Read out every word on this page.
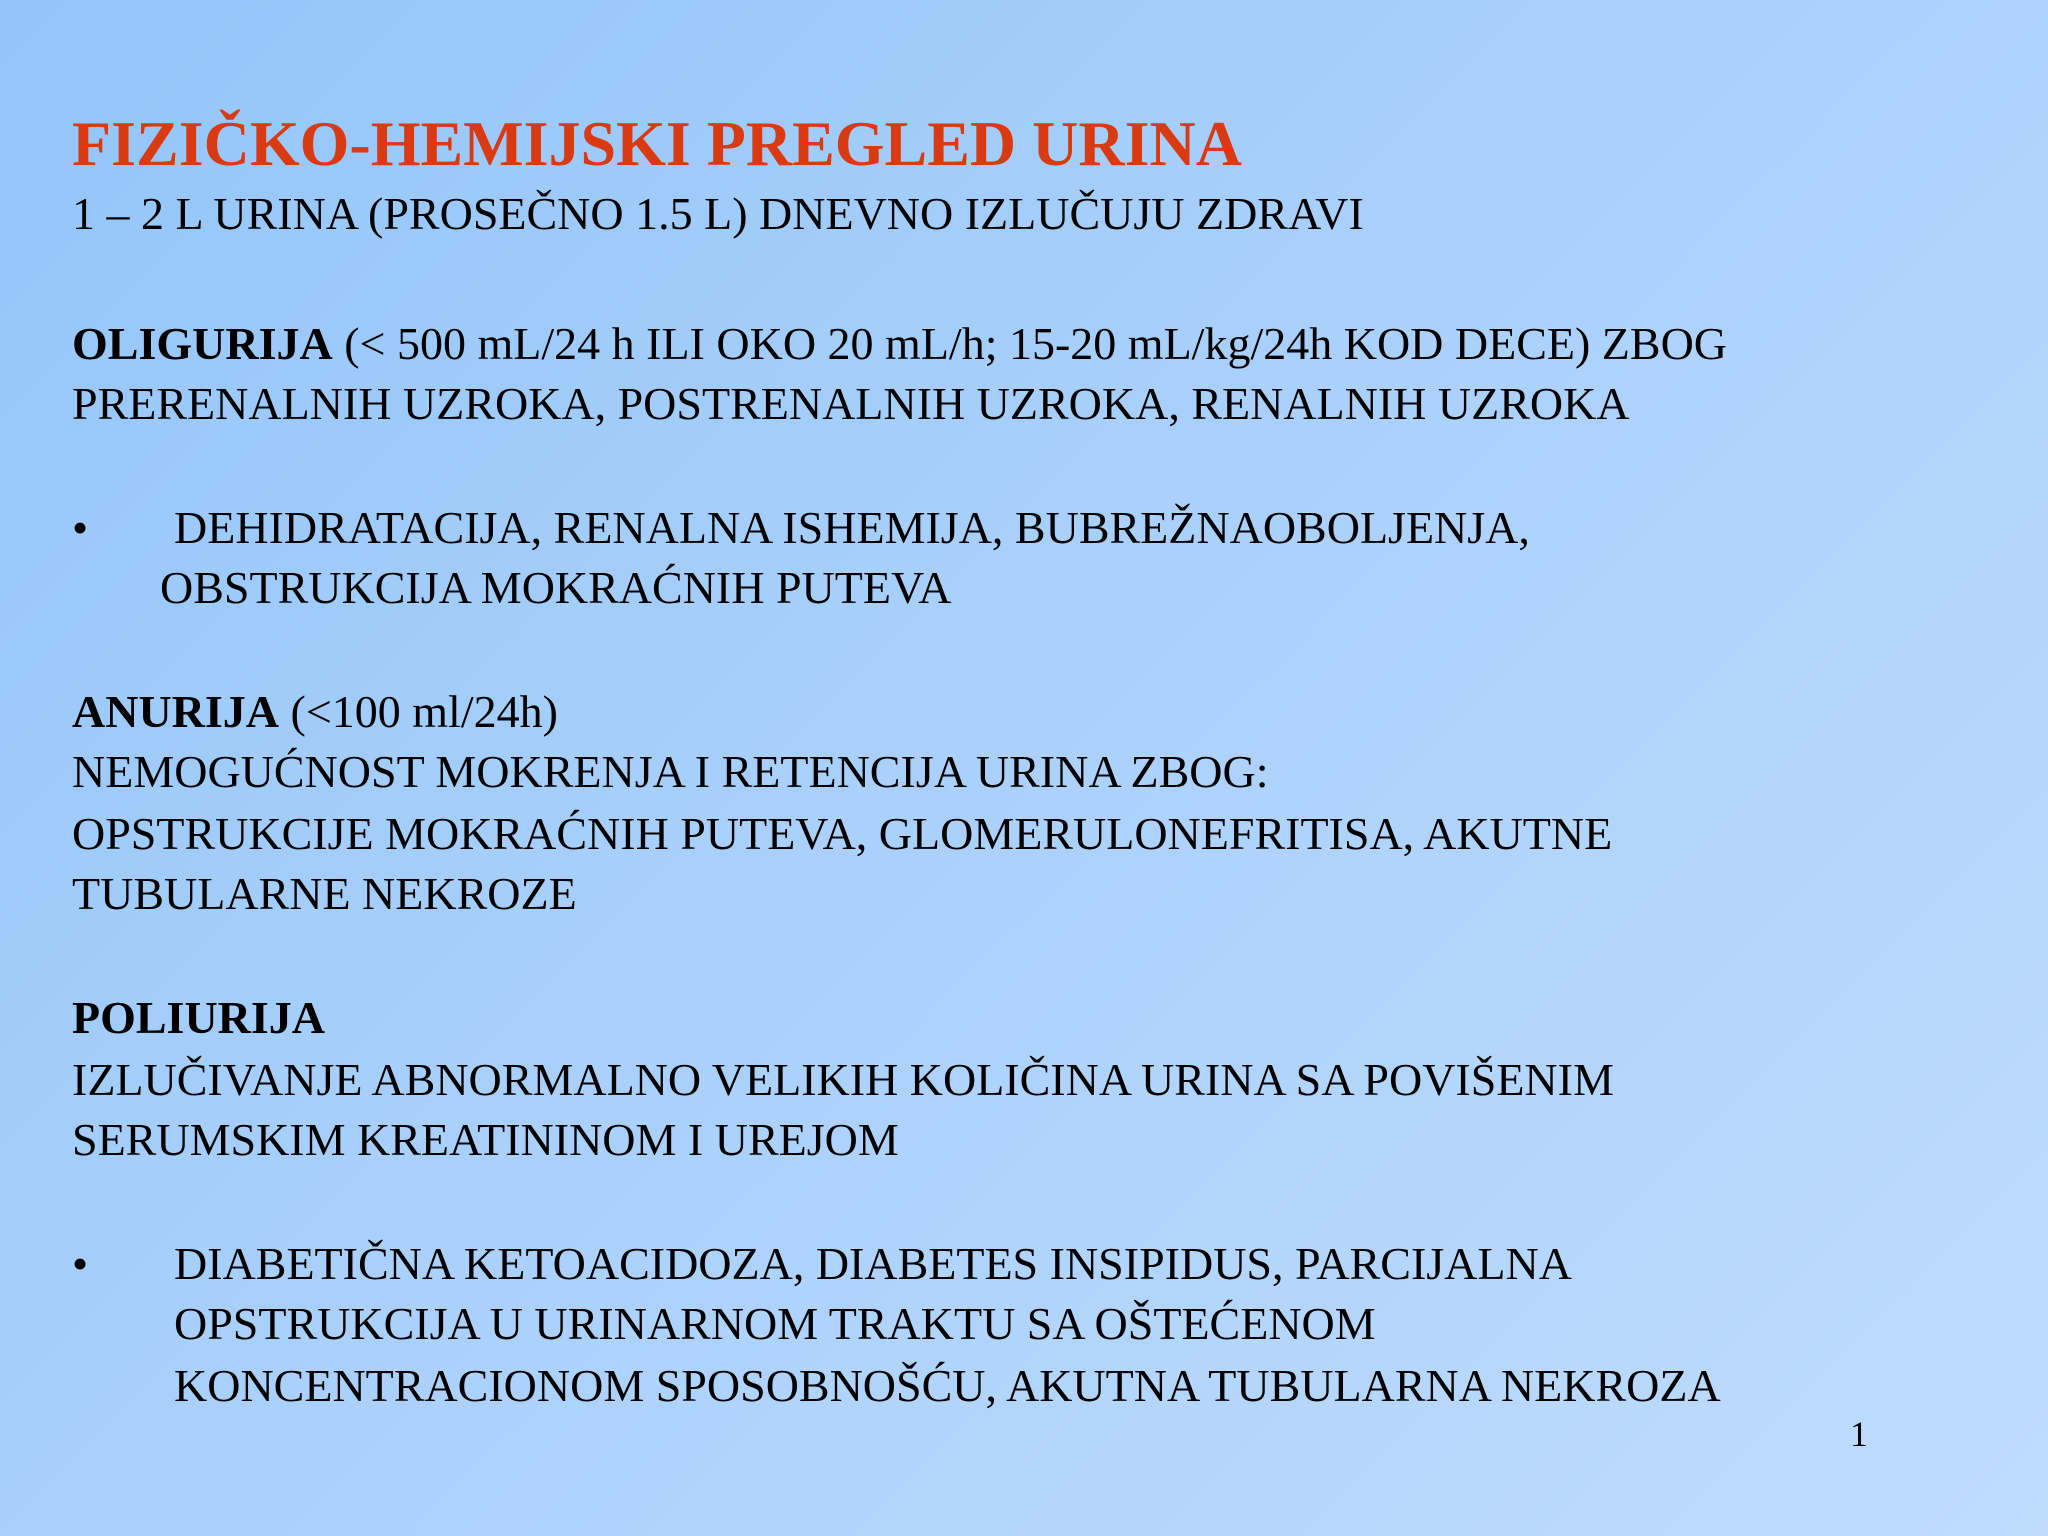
FIZIČKO-HEMIJSKI PREGLED URINA
1 – 2 L URINA (PROSEČNO 1.5 L) DNEVNO IZLUČUJU ZDRAVI
OLIGURIJA (< 500 mL/24 h ILI OKO 20 mL/h; 15-20 mL/kg/24h KOD DECE) ZBOG
PRERENALNIH UZROKA, POSTRENALNIH UZROKA, RENALNIH UZROKA
• DEHIDRATACIJA, RENALNA ISHEMIJA, BUBREŽNAOBOLJENJA,
OBSTRUKCIJA MOKRAĆNIH PUTEVA
ANURIJA (<100 ml/24h)
NEMOGUĆNOST MOKRENJA I RETENCIJA URINA ZBOG:
OPSTRUKCIJE MOKRAĆNIH PUTEVA, GLOMERULONEFRITISA, AKUTNE
TUBULARNE NEKROZE
POLIURIJA
IZLUČIVANJE ABNORMALNO VELIKIH KOLIČINA URINA SA POVIŠENIM
SERUMSKIM KREATININOM I UREJOM
• DIABETIČNA KETOACIDOZA, DIABETES INSIPIDUS, PARCIJALNA
OPSTRUKCIJA U URINARNOM TRAKTU SA OŠTEĆENOM
KONCENTRACIONOM SPOSOBNOŠĆU, AKUTNA TUBULARNA NEKROZA
1
